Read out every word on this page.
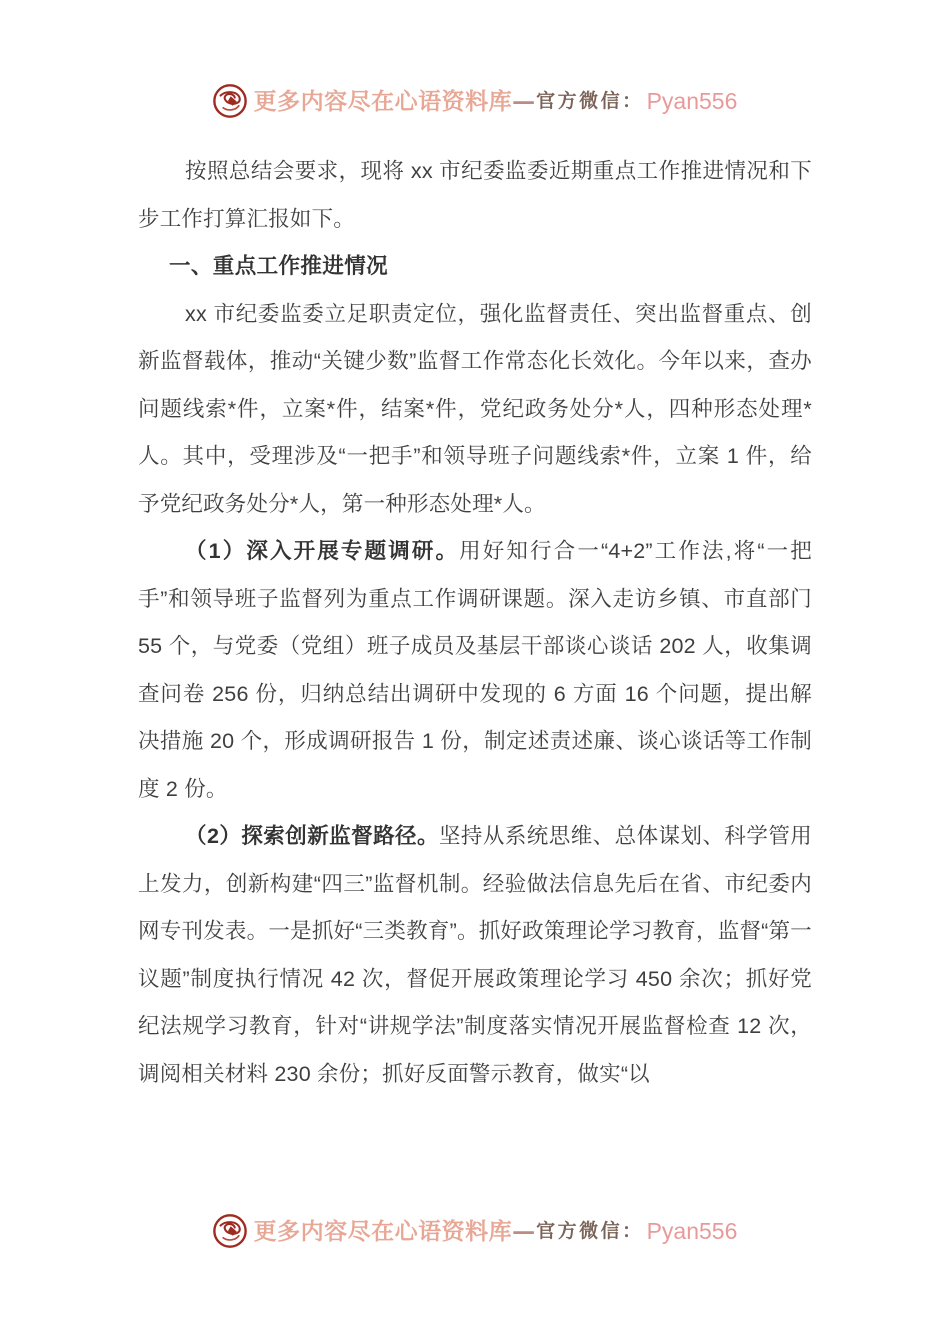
更多内容尽在心语资料库 — 官方微信： Pyan556

按照总结会要求，现将 xx 市纪委监委近期重点工作推进情况和下步工作打算汇报如下。

一、重点工作推进情况

xx 市纪委监委立足职责定位，强化监督责任、突出监督重点、创新监督载体，推动“关键少数”监督工作常态化长效化。今年以来，查办问题线索*件，立案*件，结案*件，党纪政务处分*人，四种形态处理*人。其中，受理涉及“一把手”和领导班子问题线索*件，立案 1 件，给予党纪政务处分*人，第一种形态处理*人。

（1）深入开展专题调研。用好知行合一“4+2”工作法,将“一把手”和领导班子监督列为重点工作调研课题。深入走访乡镇、市直部门 55 个，与党委（党组）班子成员及基层干部谈心谈话 202 人，收集调查问卷 256 份，归纳总结出调研中发现的 6 方面 16 个问题，提出解决措施 20 个，形成调研报告 1 份，制定述责述廉、谈心谈话等工作制度 2 份。

（2）探索创新监督路径。坚持从系统思维、总体谋划、科学管用上发力，创新构建“四三”监督机制。经验做法信息先后在省、市纪委内网专刊发表。一是抓好“三类教育”。抓好政策理论学习教育，监督“第一议题”制度执行情况 42 次，督促开展政策理论学习 450 余次；抓好党纪法规学习教育，针对“讲规学法”制度落实情况开展监督检查 12 次，调阅相关材料 230 余份；抓好反面警示教育，做实“以

更多内容尽在心语资料库 — 官方微信： Pyan556
